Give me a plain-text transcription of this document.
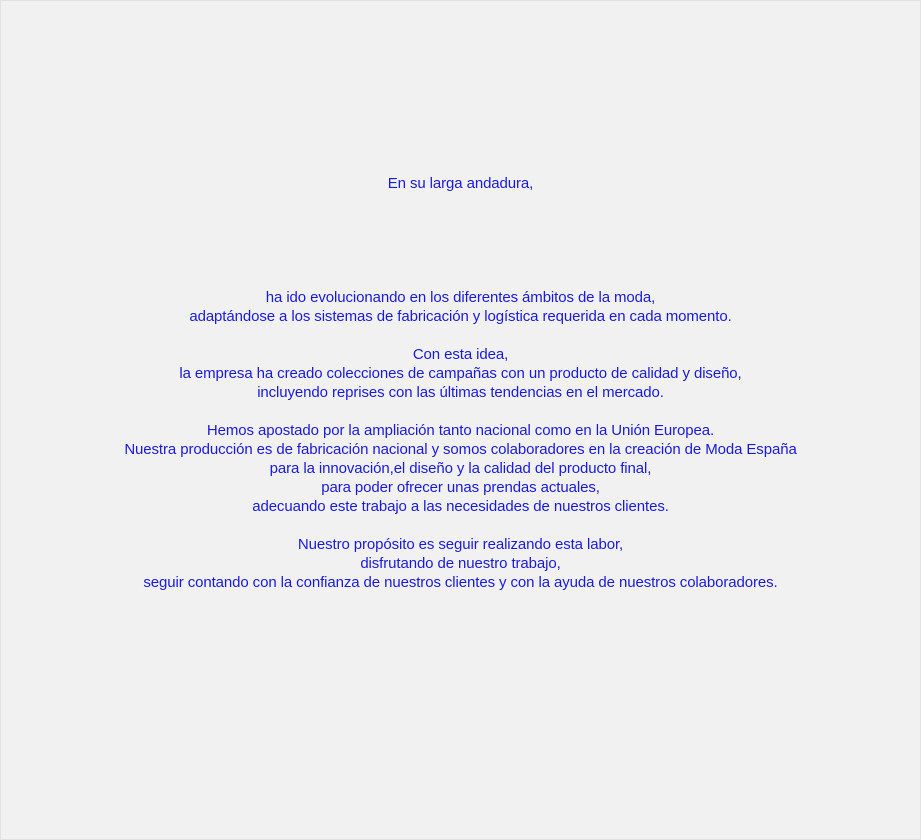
En su larga andadura,

ha ido evolucionando en los diferentes ámbitos de la moda,
adaptándose a los sistemas de fabricación y logística requerida en cada momento.

Con esta idea,
la empresa ha creado colecciones de campañas con un producto de calidad y diseño,
incluyendo reprises con las últimas tendencias en el mercado.

Hemos apostado por la ampliación tanto nacional como en la Unión Europea.
Nuestra producción es de fabricación nacional y somos colaboradores en la creación de Moda España
para la innovación,el diseño y la calidad del producto final,
para poder ofrecer unas prendas actuales,
adecuando este trabajo a las necesidades de nuestros clientes.

Nuestro propósito es seguir realizando esta labor,
disfrutando de nuestro trabajo,
seguir contando con la confianza de nuestros clientes y con la ayuda de nuestros colaboradores.
